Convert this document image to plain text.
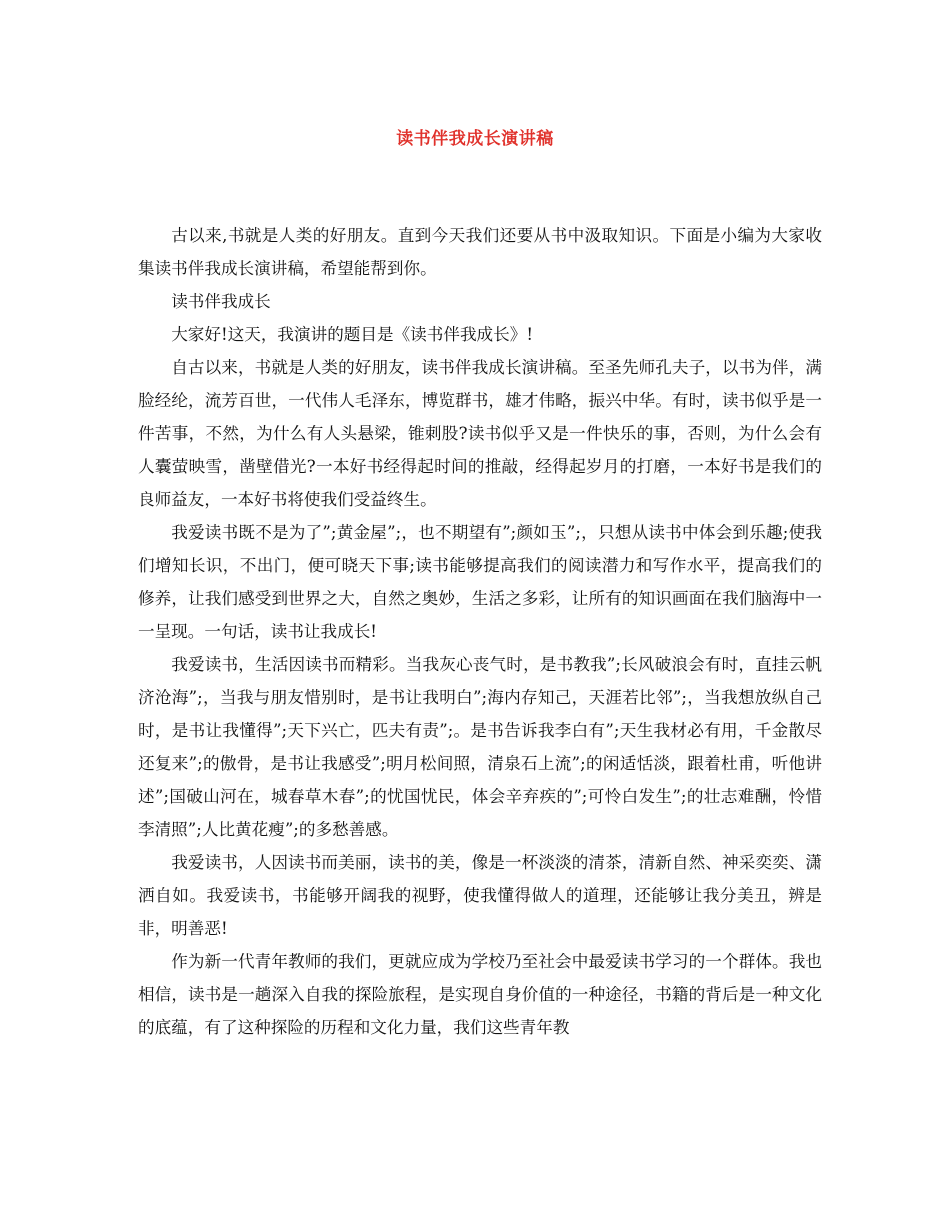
读书伴我成长演讲稿

古以来,书就是人类的好朋友。直到今天我们还要从书中汲取知识。下面是小编为大家收集读书伴我成长演讲稿，希望能帮到你。

读书伴我成长

大家好!这天，我演讲的题目是《读书伴我成长》!

自古以来，书就是人类的好朋友，读书伴我成长演讲稿。至圣先师孔夫子，以书为伴，满脸经纶，流芳百世，一代伟人毛泽东，博览群书，雄才伟略，振兴中华。有时，读书似乎是一件苦事，不然，为什么有人头悬梁，锥刺股?读书似乎又是一件快乐的事，否则，为什么会有人囊萤映雪，凿壁借光?一本好书经得起时间的推敲，经得起岁月的打磨，一本好书是我们的良师益友，一本好书将使我们受益终生。

我爱读书既不是为了”;黄金屋”;，也不期望有”;颜如玉”;，只想从读书中体会到乐趣;使我们增知长识，不出门，便可晓天下事;读书能够提高我们的阅读潜力和写作水平，提高我们的修养，让我们感受到世界之大，自然之奥妙，生活之多彩，让所有的知识画面在我们脑海中一一呈现。一句话，读书让我成长!

我爱读书，生活因读书而精彩。当我灰心丧气时，是书教我”;长风破浪会有时，直挂云帆济沧海”;，当我与朋友惜别时，是书让我明白”;海内存知己，天涯若比邻”;，当我想放纵自己时，是书让我懂得”;天下兴亡，匹夫有责”;。是书告诉我李白有”;天生我材必有用，千金散尽还复来”;的傲骨，是书让我感受”;明月松间照，清泉石上流”;的闲适恬淡，跟着杜甫，听他讲述”;国破山河在，城春草木春”;的忧国忧民，体会辛弃疾的”;可怜白发生”;的壮志难酬，怜惜李清照”;人比黄花瘦”;的多愁善感。

我爱读书，人因读书而美丽，读书的美，像是一杯淡淡的清茶，清新自然、神采奕奕、潇洒自如。我爱读书，书能够开阔我的视野，使我懂得做人的道理，还能够让我分美丑，辨是非，明善恶!

作为新一代青年教师的我们，更就应成为学校乃至社会中最爱读书学习的一个群体。我也相信，读书是一趟深入自我的探险旅程，是实现自身价值的一种途径，书籍的背后是一种文化的底蕴，有了这种探险的历程和文化力量，我们这些青年教
